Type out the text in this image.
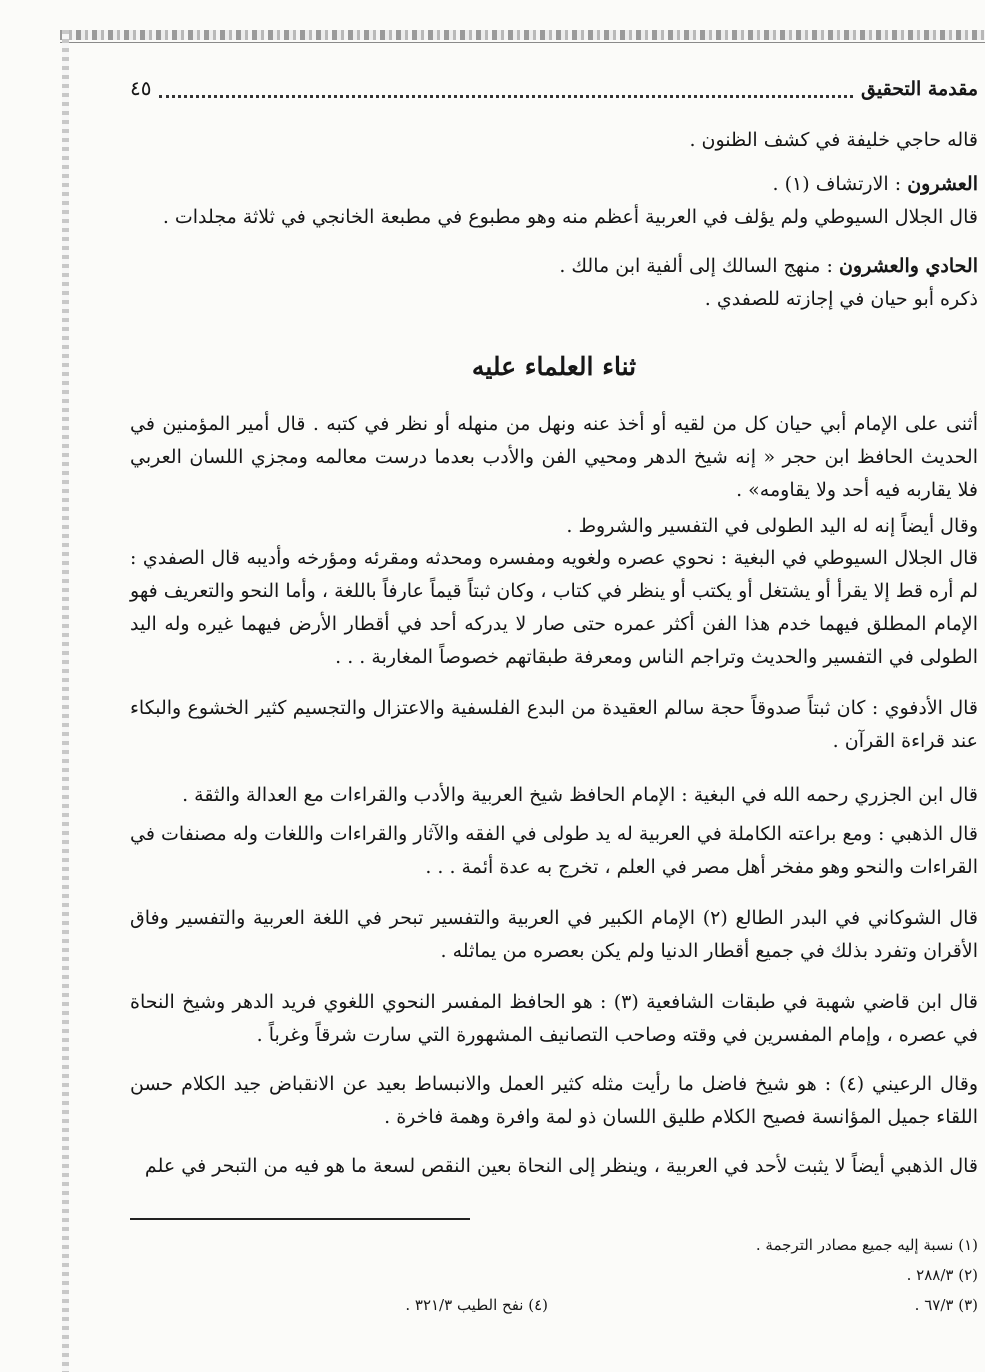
مقدمة التحقيق
٤٥

قاله حاجي خليفة في كشف الظنون .

العشرون : الارتشاف (١) .
قال الجلال السيوطي ولم يؤلف في العربية أعظم منه وهو مطبوع في مطبعة الخانجي في ثلاثة مجلدات .

الحادي والعشرون : منهج السالك إلى ألفية ابن مالك .
ذكره أبو حيان في إجازته للصفدي .

ثناء العلماء عليه

أثنى على الإمام أبي حيان كل من لقيه أو أخذ عنه ونهل من منهله أو نظر في كتبه . قال أمير المؤمنين في الحديث الحافظ ابن حجر « إنه شيخ الدهر ومحيي الفن والأدب بعدما درست معالمه ومجزي اللسان العربي فلا يقاربه فيه أحد ولا يقاومه» .

وقال أيضاً إنه له اليد الطولى في التفسير والشروط .

قال الجلال السيوطي في البغية : نحوي عصره ولغويه ومفسره ومحدثه ومقرئه ومؤرخه وأديبه قال الصفدي : لم أره قط إلا يقرأ أو يشتغل أو يكتب أو ينظر في كتاب ، وكان ثبتاً قيماً عارفاً باللغة ، وأما النحو والتعريف فهو الإمام المطلق فيهما خدم هذا الفن أكثر عمره حتى صار لا يدركه أحد في أقطار الأرض فيهما غيره وله اليد الطولى في التفسير والحديث وتراجم الناس ومعرفة طبقاتهم خصوصاً المغاربة . . .

قال الأدفوي : كان ثبتاً صدوقاً حجة سالم العقيدة من البدع الفلسفية والاعتزال والتجسيم كثير الخشوع والبكاء عند قراءة القرآن .

قال ابن الجزري رحمه الله في البغية : الإمام الحافظ شيخ العربية والأدب والقراءات مع العدالة والثقة .

قال الذهبي : ومع براعته الكاملة في العربية له يد طولى في الفقه والآثار والقراءات واللغات وله مصنفات في القراءات والنحو وهو مفخر أهل مصر في العلم ، تخرج به عدة أئمة . . .

قال الشوكاني في البدر الطالع (٢) الإمام الكبير في العربية والتفسير تبحر في اللغة العربية والتفسير وفاق الأقران وتفرد بذلك في جميع أقطار الدنيا ولم يكن بعصره من يماثله .

قال ابن قاضي شهبة في طبقات الشافعية (٣) : هو الحافظ المفسر النحوي اللغوي فريد الدهر وشيخ النحاة في عصره ، وإمام المفسرين في وقته وصاحب التصانيف المشهورة التي سارت شرقاً وغرباً .

وقال الرعيني (٤) : هو شيخ فاضل ما رأيت مثله كثير العمل والانبساط بعيد عن الانقباض جيد الكلام حسن اللقاء جميل المؤانسة فصيح الكلام طليق اللسان ذو لمة وافرة وهمة فاخرة .

قال الذهبي أيضاً لا يثبت لأحد في العربية ، وينظر إلى النحاة بعين النقص لسعة ما هو فيه من التبحر في علم

(١) نسبة إليه جميع مصادر الترجمة .
(٢) ٢٨٨/٣ .
(٣) ٦٧/٣ .
(٤) نفح الطيب ٣٢١/٣ .
